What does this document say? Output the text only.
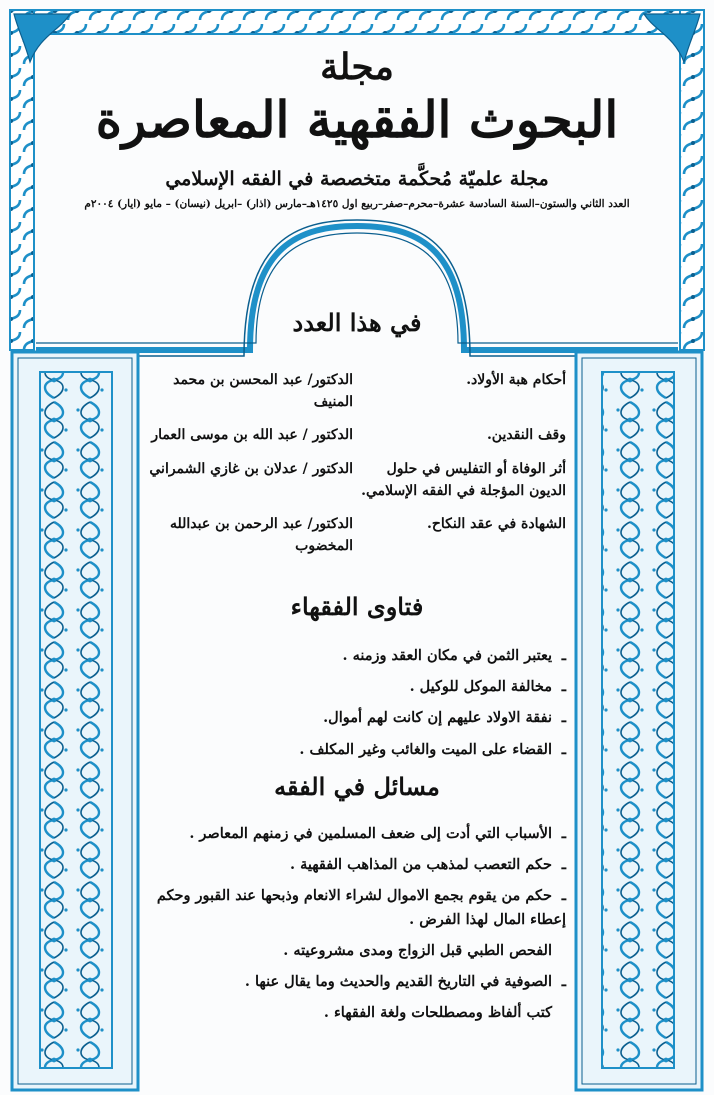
مجلة
البحوث الفقهية المعاصرة
مجلة علميّة مُحكَّمة متخصصة في الفقه الإسلامي
العدد الثاني والستون–السنة السادسة عشرة–محرم–صفر–ربيع اول ١٤٢٥هـ–مارس (اذار) –ابريل (نيسان) – مايو (ايار) ٢٠٠٤م
في هذا العدد
أحكام هبة الأولاد.
الدكتور/ عبد المحسن بن محمد المنيف
وقف النقدين.
الدكتور / عبد الله بن موسى العمار
أثر الوفاة أو التفليس في حلول الديون المؤجلة في الفقه الإسلامي.
الدكتور / عدلان بن غازي الشمراني
الشهادة في عقد النكاح.
الدكتور/ عبد الرحمن بن عبدالله المخضوب
فتاوى الفقهاء
ـيعتبر الثمن في مكان العقد وزمنه .
ـمخالفة الموكل للوكيل .
ـنفقة الاولاد عليهم إن كانت لهم أموال.
ـالقضاء على الميت والغائب وغير المكلف .
مسائل في الفقه
ـالأسباب التي أدت إلى ضعف المسلمين في زمنهم المعاصر .
ـحكم التعصب لمذهب من المذاهب الفقهية .
ـحكم من يقوم بجمع الاموال لشراء الانعام وذبحها عند القبور وحكم إعطاء المال لهذا الفرض .
الفحص الطبي قبل الزواج ومدى مشروعيته .
ـالصوفية في التاريخ القديم والحديث وما يقال عنها .
كتب ألفاظ ومصطلحات ولغة الفقهاء .
